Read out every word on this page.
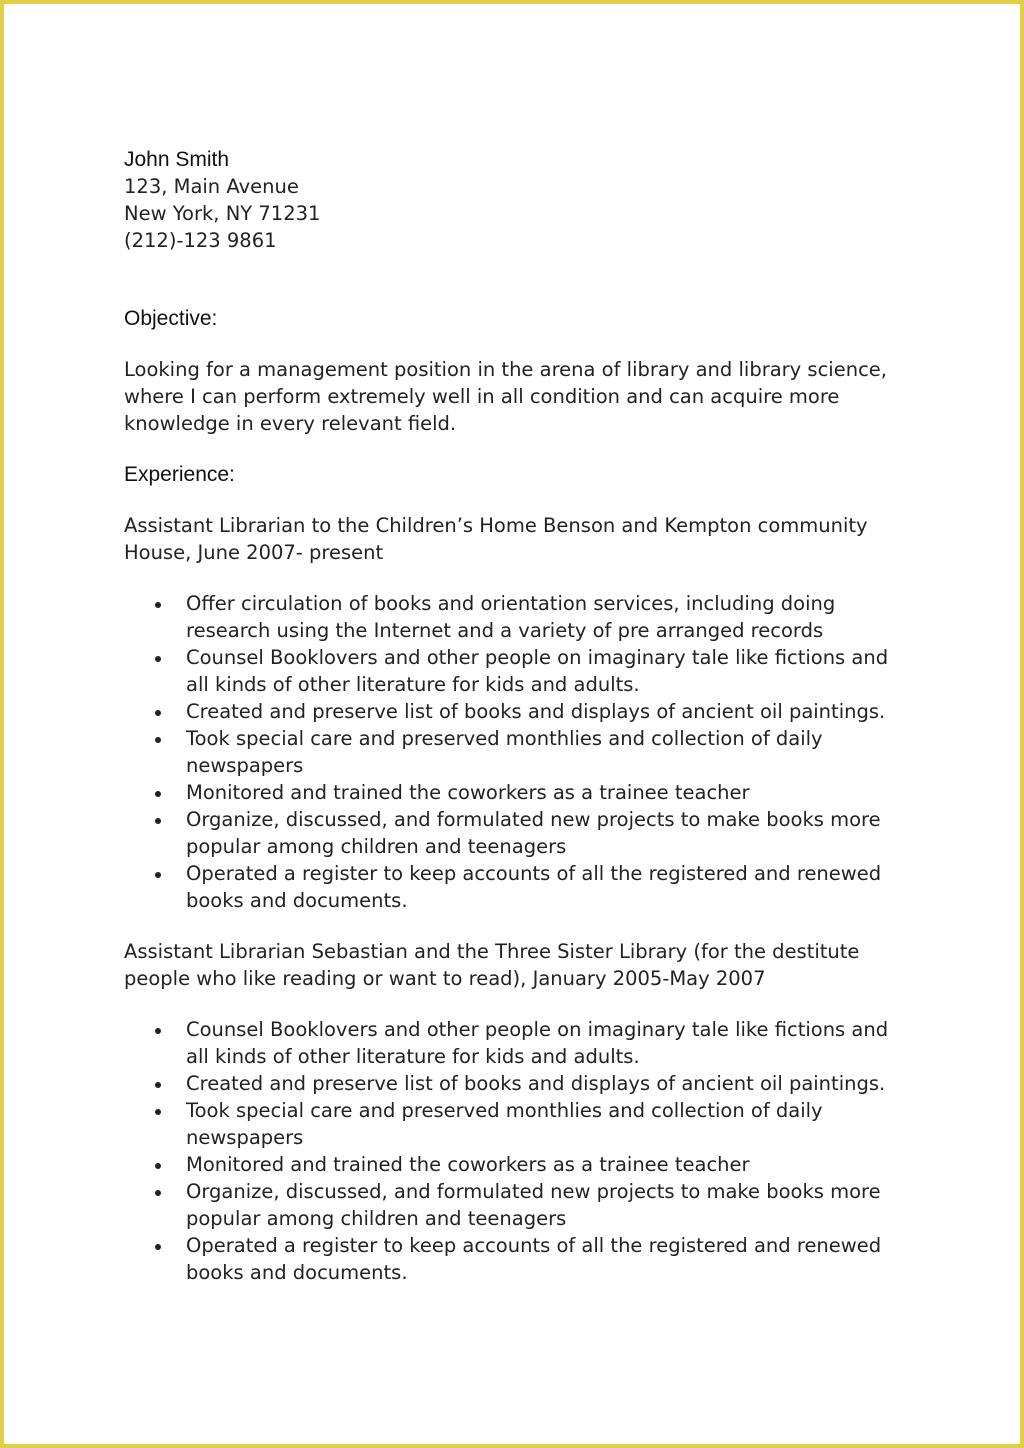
John Smith
123, Main Avenue
New York, NY 71231
(212)-123 9861
Objective:
Looking for a management position in the arena of library and library science,
where I can perform extremely well in all condition and can acquire more
knowledge in every relevant field.
Experience:
Assistant Librarian to the Children’s Home Benson and Kempton community
House, June 2007- present
Offer circulation of books and orientation services, including doing
research using the Internet and a variety of pre arranged records
Counsel Booklovers and other people on imaginary tale like fictions and
all kinds of other literature for kids and adults.
Created and preserve list of books and displays of ancient oil paintings.
Took special care and preserved monthlies and collection of daily
newspapers
Monitored and trained the coworkers as a trainee teacher
Organize, discussed, and formulated new projects to make books more
popular among children and teenagers
Operated a register to keep accounts of all the registered and renewed
books and documents.
Assistant Librarian Sebastian and the Three Sister Library (for the destitute
people who like reading or want to read), January 2005-May 2007
Counsel Booklovers and other people on imaginary tale like fictions and
all kinds of other literature for kids and adults.
Created and preserve list of books and displays of ancient oil paintings.
Took special care and preserved monthlies and collection of daily
newspapers
Monitored and trained the coworkers as a trainee teacher
Organize, discussed, and formulated new projects to make books more
popular among children and teenagers
Operated a register to keep accounts of all the registered and renewed
books and documents.
